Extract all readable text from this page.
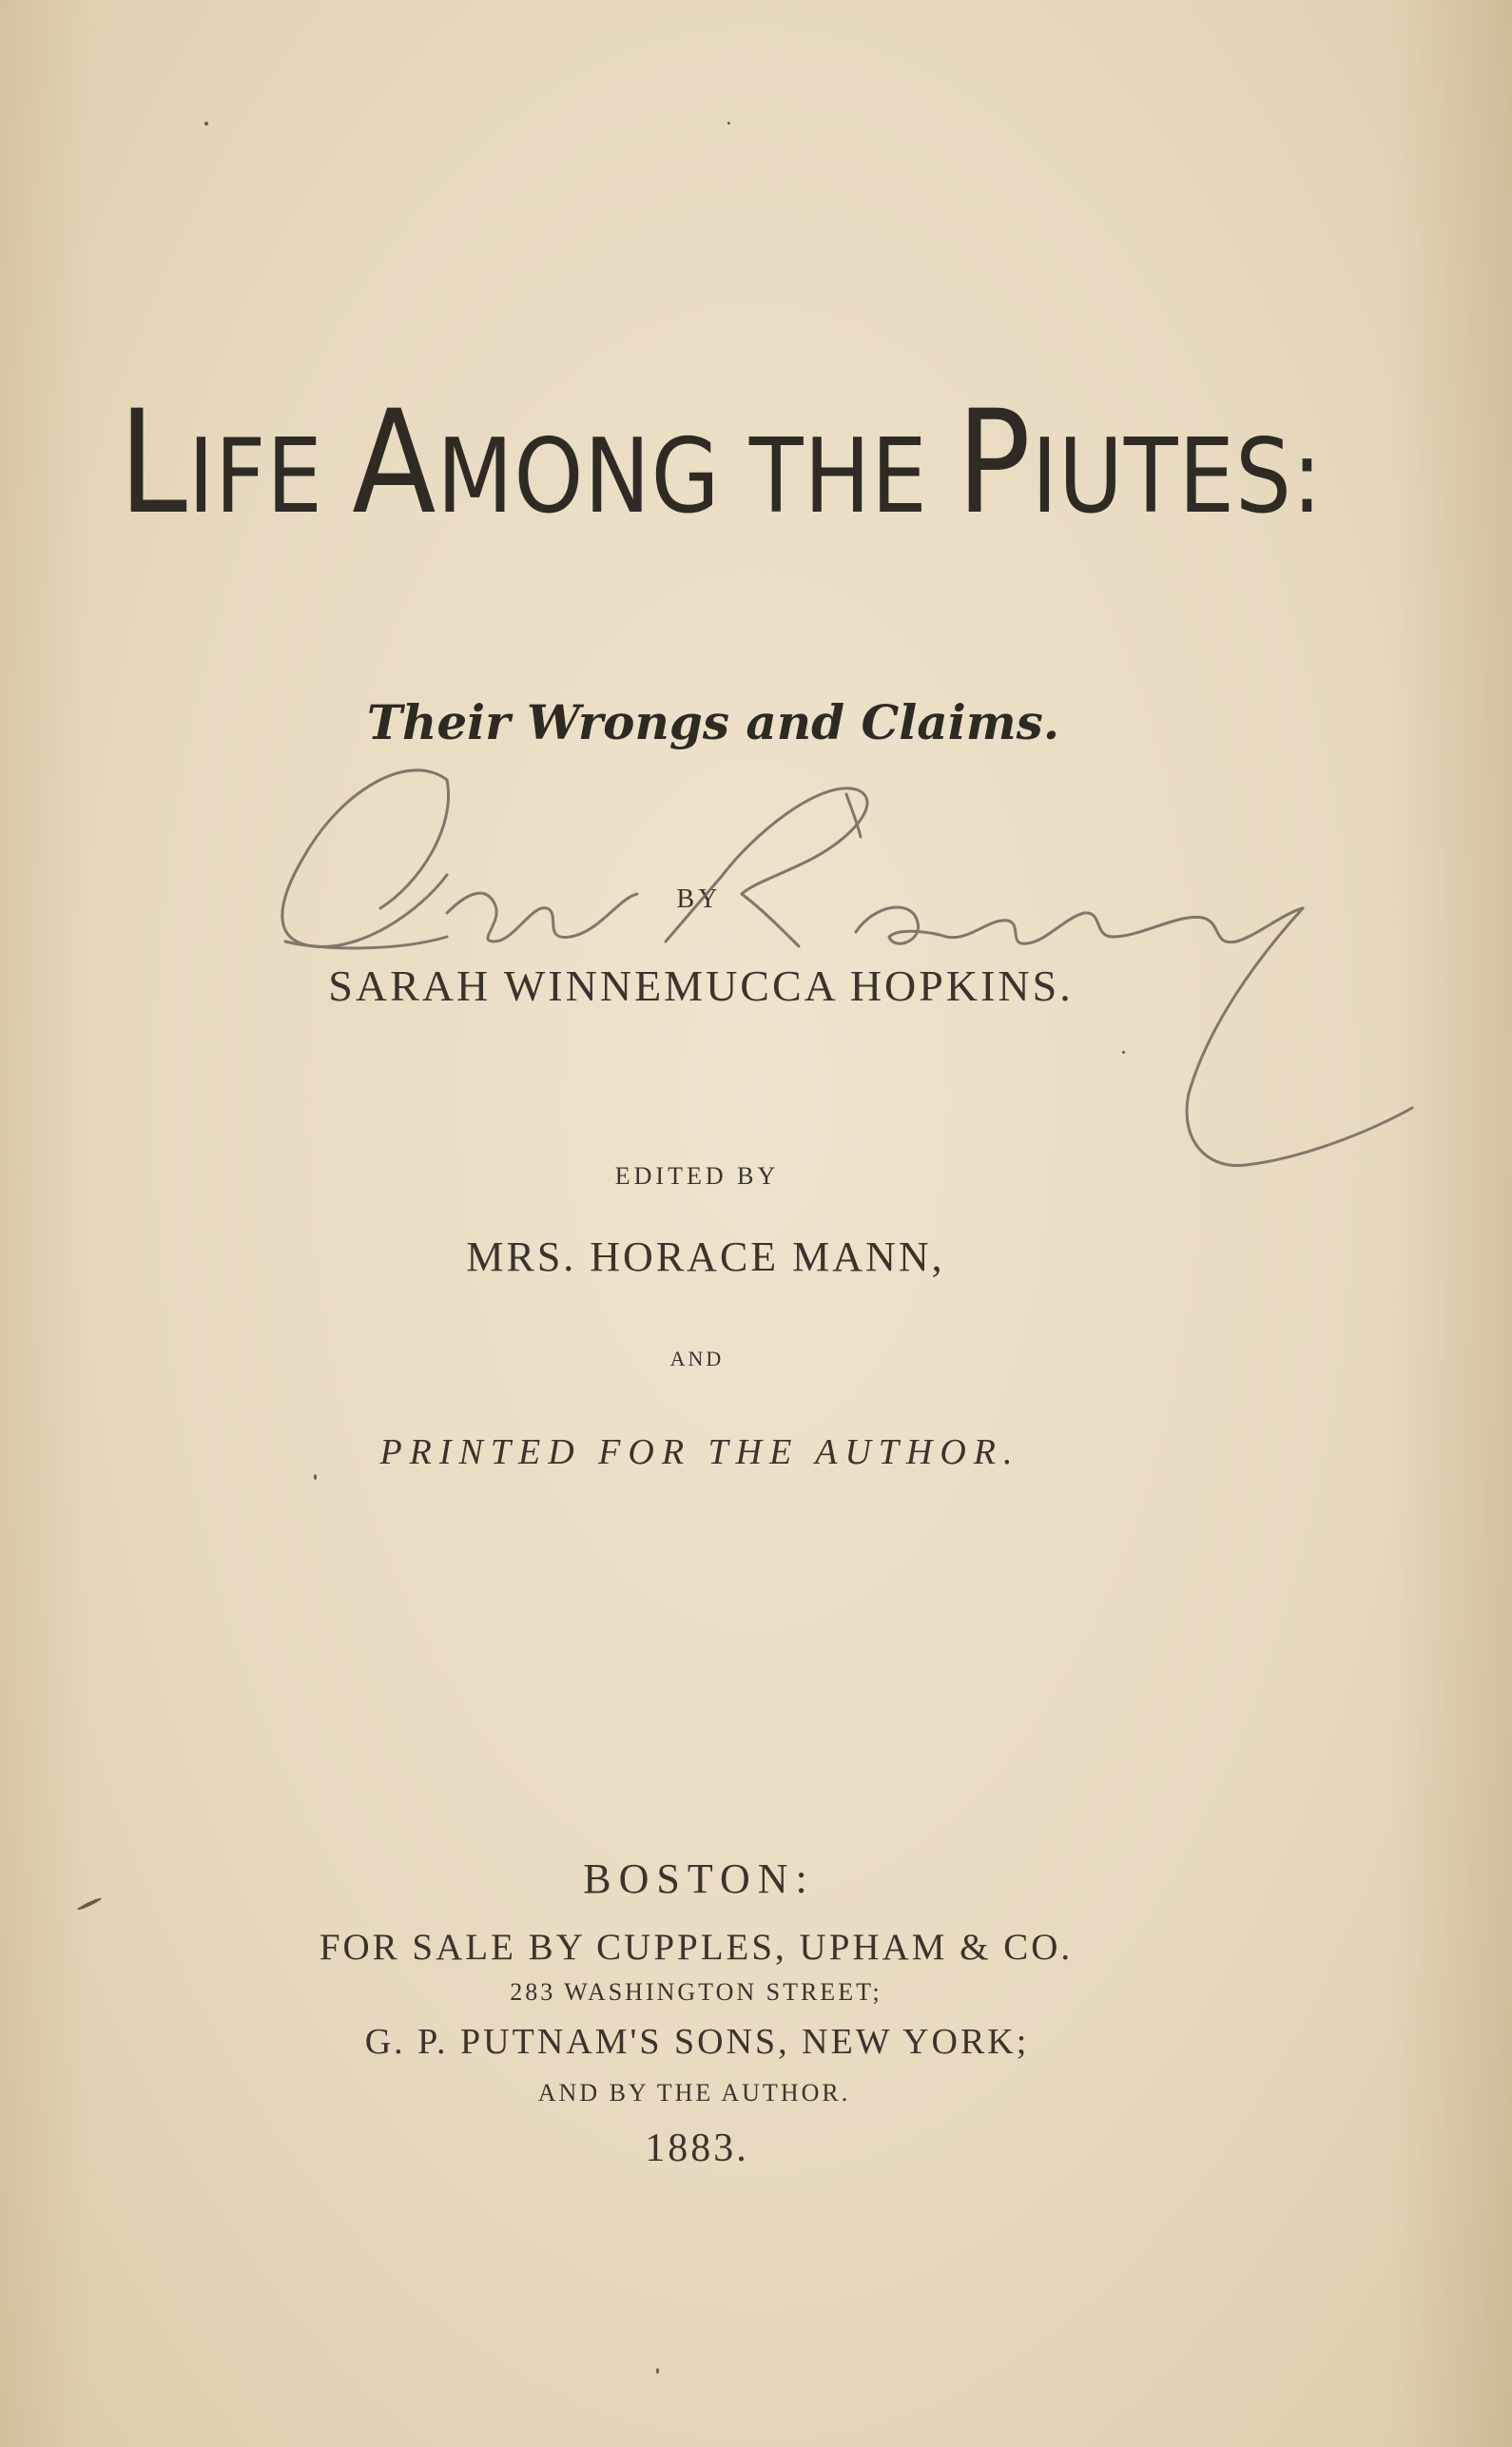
LIFE AMONG THE PIUTES:
Their Wrongs and Claims.
BY
SARAH WINNEMUCCA HOPKINS.
EDITED BY
MRS. HORACE MANN,
AND
PRINTED FOR THE AUTHOR.
BOSTON:
FOR SALE BY CUPPLES, UPHAM & CO.
283 WASHINGTON STREET;
G. P. PUTNAM'S SONS, NEW YORK;
AND BY THE AUTHOR.
1883.
